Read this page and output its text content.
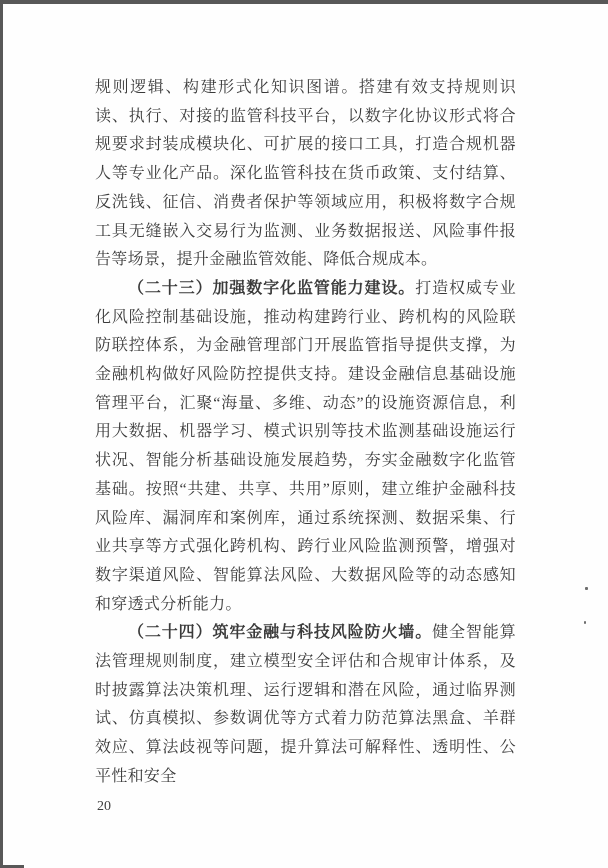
规则逻辑、构建形式化知识图谱。搭建有效支持规则识读、执行、对接的监管科技平台，以数字化协议形式将合规要求封装成模块化、可扩展的接口工具，打造合规机器人等专业化产品。深化监管科技在货币政策、支付结算、反洗钱、征信、消费者保护等领域应用，积极将数字合规工具无缝嵌入交易行为监测、业务数据报送、风险事件报告等场景，提升金融监管效能、降低合规成本。

（二十三）加强数字化监管能力建设。打造权威专业化风险控制基础设施，推动构建跨行业、跨机构的风险联防联控体系，为金融管理部门开展监管指导提供支撑，为金融机构做好风险防控提供支持。建设金融信息基础设施管理平台，汇聚“海量、多维、动态”的设施资源信息，利用大数据、机器学习、模式识别等技术监测基础设施运行状况、智能分析基础设施发展趋势，夯实金融数字化监管基础。按照“共建、共享、共用”原则，建立维护金融科技风险库、漏洞库和案例库，通过系统探测、数据采集、行业共享等方式强化跨机构、跨行业风险监测预警，增强对数字渠道风险、智能算法风险、大数据风险等的动态感知和穿透式分析能力。

（二十四）筑牢金融与科技风险防火墙。健全智能算法管理规则制度，建立模型安全评估和合规审计体系，及时披露算法决策机理、运行逻辑和潜在风险，通过临界测试、仿真模拟、参数调优等方式着力防范算法黑盒、羊群效应、算法歧视等问题，提升算法可解释性、透明性、公平性和安全

20
